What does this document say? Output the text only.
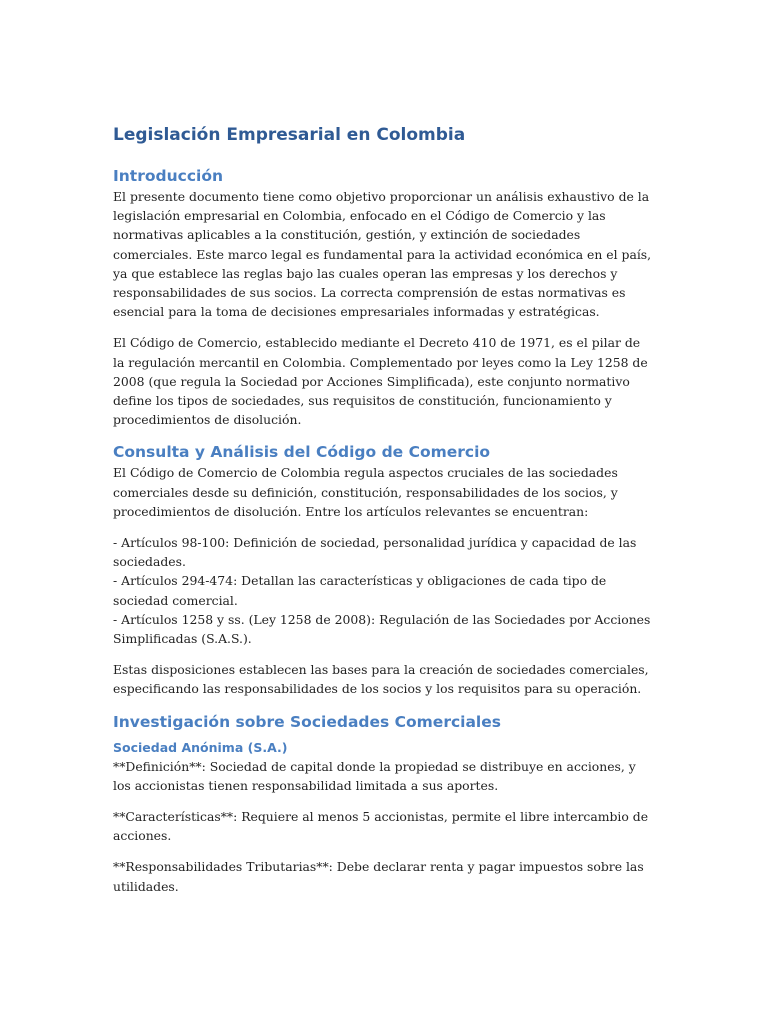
Legislación Empresarial en Colombia
Introducción

El presente documento tiene como objetivo proporcionar un análisis exhaustivo de la legislación empresarial en Colombia, enfocado en el Código de Comercio y las normativas aplicables a la constitución, gestión, y extinción de sociedades comerciales. Este marco legal es fundamental para la actividad económica en el país, ya que establece las reglas bajo las cuales operan las empresas y los derechos y responsabilidades de sus socios. La correcta comprensión de estas normativas es esencial para la toma de decisiones empresariales informadas y estratégicas.

El Código de Comercio, establecido mediante el Decreto 410 de 1971, es el pilar de la regulación mercantil en Colombia. Complementado por leyes como la Ley 1258 de 2008 (que regula la Sociedad por Acciones Simplificada), este conjunto normativo define los tipos de sociedades, sus requisitos de constitución, funcionamiento y procedimientos de disolución.

Consulta y Análisis del Código de Comercio

El Código de Comercio de Colombia regula aspectos cruciales de las sociedades comerciales desde su definición, constitución, responsabilidades de los socios, y procedimientos de disolución. Entre los artículos relevantes se encuentran:

- Artículos 98-100: Definición de sociedad, personalidad jurídica y capacidad de las sociedades.

- Artículos 294-474: Detallan las características y obligaciones de cada tipo de sociedad comercial.

- Artículos 1258 y ss. (Ley 1258 de 2008): Regulación de las Sociedades por Acciones Simplificadas (S.A.S.).

Estas disposiciones establecen las bases para la creación de sociedades comerciales, especificando las responsabilidades de los socios y los requisitos para su operación.

Investigación sobre Sociedades Comerciales
Sociedad Anónima (S.A.)

**Definición**: Sociedad de capital donde la propiedad se distribuye en acciones, y los accionistas tienen responsabilidad limitada a sus aportes.

**Características**: Requiere al menos 5 accionistas, permite el libre intercambio de acciones.

**Responsabilidades Tributarias**: Debe declarar renta y pagar impuestos sobre las utilidades.
